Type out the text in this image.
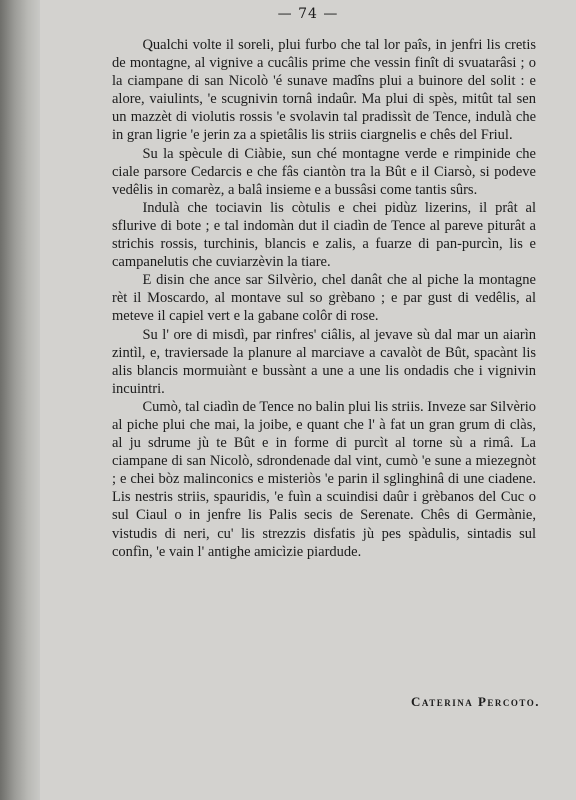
— 74 —

Qualchi volte il soreli, plui furbo che tal lor paîs, in jenfri lis cretis de montagne, al vignive a cucâlis prime che vessin finît di svuatarâsi ; o la ciampane di san Nicolò 'é sunave madîns plui a buinore del solit : e alore, vaiulints, 'e scugnivin tornâ indaûr. Ma plui di spès, mitût tal sen un mazzèt di violutis rossis 'e svolavin tal pradissìt de Tence, indulà che in gran ligrie 'e jerin za a spietâlis lis striis ciargnelis e chês del Friul.

Su la spècule di Ciàbie, sun ché montagne verde e rimpinide che ciale parsore Cedarcis e che fâs ciantòn tra la Bût e il Ciarsò, si podeve vedêlis in comarèz, a balâ insieme e a bussâsi come tantis sûrs.

Indulà che tociavin lis còtulis e chei pidùz lizerins, il prât al sflurive di bote ; e tal indomàn dut il ciadìn de Tence al pareve piturât a strichis rossis, turchinis, blancis e zalis, a fuarze di pan-purcìn, lis e campanelutis che cuviarzèvin la tiare.

E disin che ance sar Silvèrio, chel danât che al piche la montagne rèt il Moscardo, al montave sul so grèbano ; e par gust di vedêlis, al meteve il capiel vert e la gabane colôr di rose.

Su l' ore di misdì, par rinfres' ciâlis, al jevave sù dal mar un aiarìn zintìl, e, traviersade la planure al marciave a cavalòt de Bût, spacànt lis alis blancis mormuiànt e bussànt a une a une lis ondadis che i vignivin incuintri.

Cumò, tal ciadìn de Tence no balin plui lis striis. Inveze sar Silvèrio al piche plui che mai, la joibe, e quant che l' à fat un gran grum di clàs, al ju sdrume jù te Bût e in forme di purcìt al torne sù a rimâ. La ciampane di san Nicolò, sdrondenade dal vint, cumò 'e sune a miezegnòt ; e chei bòz malinconics e misteriòs 'e parin il sglinghinâ di une ciadene. Lis nestris striis, spauridis, 'e fuìn a scuindisi daûr i grèbanos del Cuc o sul Ciaul o in jenfre lis Palis secis de Serenate. Chês di Germànie, vistudis di neri, cu' lis strezzis disfatis jù pes spàdulis, sintadis sul confìn, 'e vain l' antighe amicìzie piardude.

Caterina Percoto.
